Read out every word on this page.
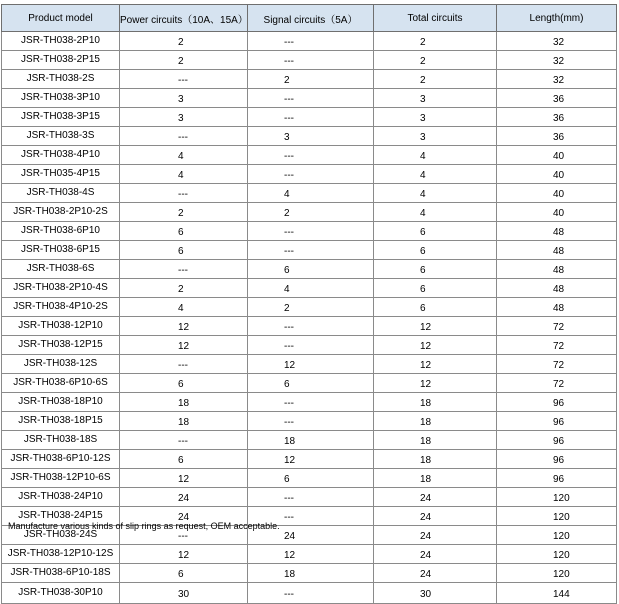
Product model	Power circuits（10A、15A）	Signal circuits（5A）	Total circuits	Length(mm)
JSR-TH038-2P10	2	---	2	32
JSR-TH038-2P15	2	---	2	32
JSR-TH038-2S	---	2	2	32
JSR-TH038-3P10	3	---	3	36
JSR-TH038-3P15	3	---	3	36
JSR-TH038-3S	---	3	3	36
JSR-TH038-4P10	4	---	4	40
JSR-TH035-4P15	4	---	4	40
JSR-TH038-4S	---	4	4	40
JSR-TH038-2P10-2S	2	2	4	40
JSR-TH038-6P10	6	---	6	48
JSR-TH038-6P15	6	---	6	48
JSR-TH038-6S	---	6	6	48
JSR-TH038-2P10-4S	2	4	6	48
JSR-TH038-4P10-2S	4	2	6	48
JSR-TH038-12P10	12	---	12	72
JSR-TH038-12P15	12	---	12	72
JSR-TH038-12S	---	12	12	72
JSR-TH038-6P10-6S	6	6	12	72
JSR-TH038-18P10	18	---	18	96
JSR-TH038-18P15	18	---	18	96
JSR-TH038-18S	---	18	18	96
JSR-TH038-6P10-12S	6	12	18	96
JSR-TH038-12P10-6S	12	6	18	96
JSR-TH038-24P10	24	---	24	120
JSR-TH038-24P15	24	---	24	120
JSR-TH038-24S	---	24	24	120
JSR-TH038-12P10-12S	12	12	24	120
JSR-TH038-6P10-18S	6	18	24	120
JSR-TH038-30P10	30	---	30	144

Manufacture various kinds of slip rings as request, OEM acceptable.
